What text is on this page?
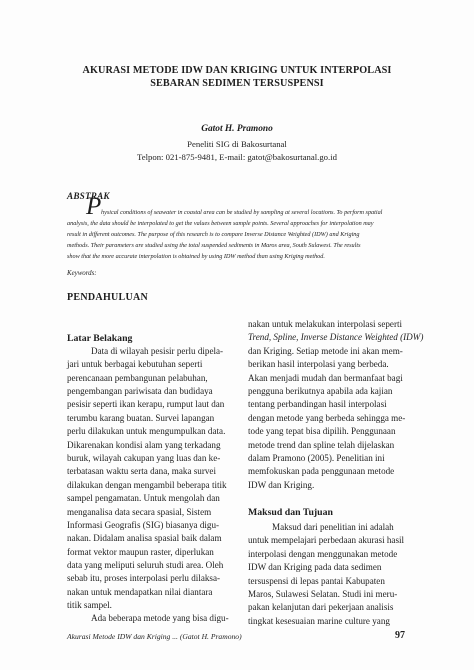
AKURASI METODE IDW DAN KRIGING UNTUK INTERPOLASI
SEBARAN SEDIMEN TERSUSPENSI
Gatot H. Pramono
Peneliti SIG di Bakosurtanal
Telpon: 021-875-9481, E-mail: gatot@bakosurtanal.go.id
ABSTRAK
P hysical conditions of seawater in coastal area can be studied by sampling at several locations. To perform spatial
analysis, the data should be interpolated to get the values between sample points. Several approaches for interpolation may
result in different outcomes. The purpose of this research is to compare Inverse Distance Weighted (IDW) and Kriging
methods. Their parameters are studied using the total suspended sediments in Maros area, South Sulawesi. The results
show that the more accurate interpolation is obtained by using IDW method than using Kriging method.
Keywords:
PENDAHULUAN
Latar Belakang
Data di wilayah pesisir perlu dipela-
jari untuk berbagai kebutuhan seperti
perencanaan pembangunan pelabuhan,
pengembangan pariwisata dan budidaya
pesisir seperti ikan kerapu, rumput laut dan
terumbu karang buatan. Survei lapangan
perlu dilakukan untuk mengumpulkan data.
Dikarenakan kondisi alam yang terkadang
buruk, wilayah cakupan yang luas dan ke-
terbatasan waktu serta dana, maka survei
dilakukan dengan mengambil beberapa titik
sampel pengamatan. Untuk mengolah dan
menganalisa data secara spasial, Sistem
Informasi Geografis (SIG) biasanya digu-
nakan. Didalam analisa spasial baik dalam
format vektor maupun raster, diperlukan
data yang meliputi seluruh studi area. Oleh
sebab itu, proses interpolasi perlu dilaksa-
nakan untuk mendapatkan nilai diantara
titik sampel.
Ada beberapa metode yang bisa digu-
nakan untuk melakukan interpolasi seperti
Trend, Spline, Inverse Distance Weighted (IDW)
dan Kriging. Setiap metode ini akan mem-
berikan hasil interpolasi yang berbeda.
Akan menjadi mudah dan bermanfaat bagi
pengguna berikutnya apabila ada kajian
tentang perbandingan hasil interpolasi
dengan metode yang berbeda sehingga me-
tode yang tepat bisa dipilih. Penggunaan
metode trend dan spline telah dijelaskan
dalam Pramono (2005). Penelitian ini
memfokuskan pada penggunaan metode
IDW dan Kriging.
Maksud dan Tujuan
Maksud dari penelitian ini adalah
untuk mempelajari perbedaan akurasi hasil
interpolasi dengan menggunakan metode
IDW dan Kriging pada data sedimen
tersuspensi di lepas pantai Kabupaten
Maros, Sulawesi Selatan. Studi ini meru-
pakan kelanjutan dari pekerjaan analisis
tingkat kesesuaian marine culture yang
Akurasi Metode IDW dan Kriging ... (Gatot H. Pramono)	97
